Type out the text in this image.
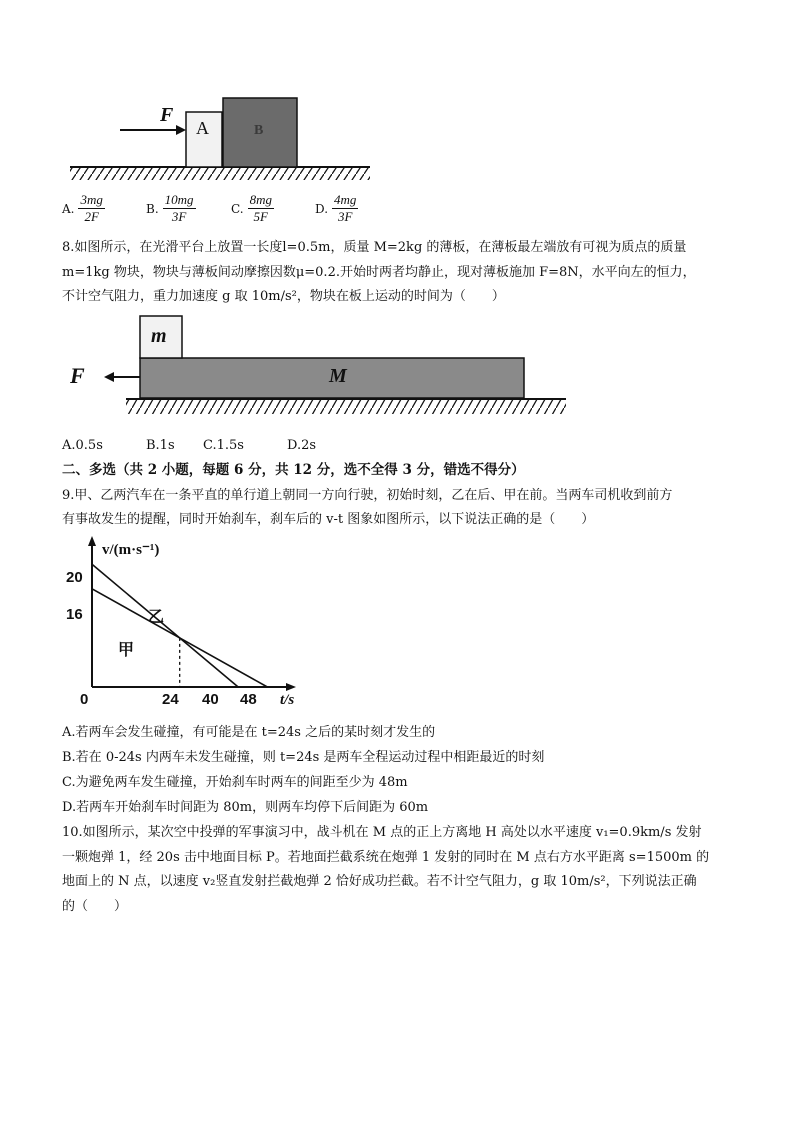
F
A	B
A. $\frac{3mg}{2F}$	B. $\frac{10mg}{3F}$	C. $\frac{8mg}{5F}$	D. $\frac{4mg}{3F}$
8.如图所示，在光滑平台上放置一长度l=0.5m，质量 M=2kg 的薄板，在薄板最左端放有可视为质点的质量
m=1kg 物块，物块与薄板间动摩擦因数μ=0.2.开始时两者均静止，现对薄板施加 F=8N，水平向左的恒力，
不计空气阻力，重力加速度 g 取 10m/s²，物块在板上运动的时间为（　　）
m
M
F
A.0.5s	B.1s C.1.5s	D.2s
二、多选（共 2 小题，每题 6 分，共 12 分，选不全得 3 分，错选不得分）
9.甲、乙两汽车在一条平直的单行道上朝同一方向行驶，初始时刻，乙在后、甲在前。当两车司机收到前方
有事故发生的提醒，同时开始刹车，刹车后的 v-t 图象如图所示，以下说法正确的是（　　）
v/(m·s⁻¹)
t/s
0
20
16
24 40 48
乙
甲
A.若两车会发生碰撞，有可能是在 t=24s 之后的某时刻才发生的
B.若在 0-24s 内两车未发生碰撞，则 t=24s 是两车全程运动过程中相距最近的时刻
C.为避免两车发生碰撞，开始刹车时两车的间距至少为 48m
D.若两车开始刹车时间距为 80m，则两车均停下后间距为 60m
10.如图所示，某次空中投弹的军事演习中，战斗机在 M 点的正上方离地 H 高处以水平速度 v₁=0.9km/s 发射
一颗炮弹 1，经 20s 击中地面目标 P。若地面拦截系统在炮弹 1 发射的同时在 M 点右方水平距离 s=1500m 的
地面上的 N 点，以速度 v₂竖直发射拦截炮弹 2 恰好成功拦截。若不计空气阻力，g 取 10m/s²，下列说法正确
的（　　）
